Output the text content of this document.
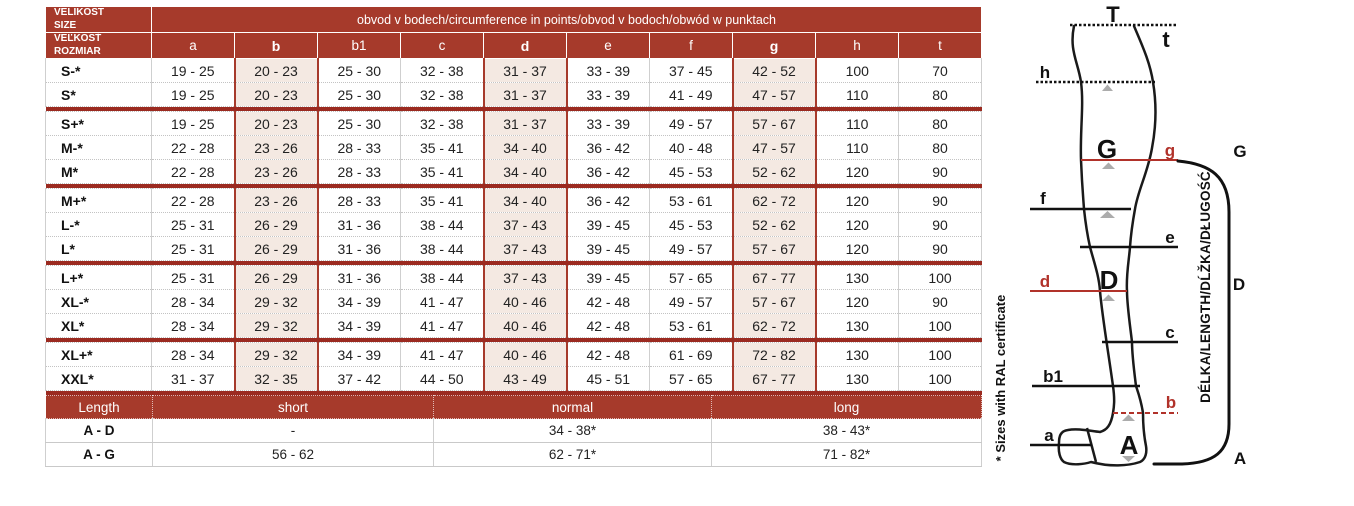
VELIKOST
SIZE	obvod v bodech/circumference in points/obvod v bodoch/obwód w punktach									

VEĽKOSŤ
ROZMIAR	a	b	b1	c	d	e	f	g	h	t
S-*	19 - 25	20 - 23	25 - 30	32 - 38	31 - 37	33 - 39	37 - 45	42 - 52	100	70
S*	19 - 25	20 - 23	25 - 30	32 - 38	31 - 37	33 - 39	41 - 49	47 - 57	110	80

S+*	19 - 25	20 - 23	25 - 30	32 - 38	31 - 37	33 - 39	49 - 57	57 - 67	110	80
M-*	22 - 28	23 - 26	28 - 33	35 - 41	34 - 40	36 - 42	40 - 48	47 - 57	110	80
M*	22 - 28	23 - 26	28 - 33	35 - 41	34 - 40	36 - 42	45 - 53	52 - 62	120	90

M+*	22 - 28	23 - 26	28 - 33	35 - 41	34 - 40	36 - 42	53 - 61	62 - 72	120	90
L-*	25 - 31	26 - 29	31 - 36	38 - 44	37 - 43	39 - 45	45 - 53	52 - 62	120	90
L*	25 - 31	26 - 29	31 - 36	38 - 44	37 - 43	39 - 45	49 - 57	57 - 67	120	90

L+*	25 - 31	26 - 29	31 - 36	38 - 44	37 - 43	39 - 45	57 - 65	67 - 77	130	100
XL-*	28 - 34	29 - 32	34 - 39	41 - 47	40 - 46	42 - 48	49 - 57	57 - 67	120	90
XL*	28 - 34	29 - 32	34 - 39	41 - 47	40 - 46	42 - 48	53 - 61	62 - 72	130	100

XL+*	28 - 34	29 - 32	34 - 39	41 - 47	40 - 46	42 - 48	61 - 69	72 - 82	130	100
XXL*	31 - 37	32 - 35	37 - 42	44 - 50	43 - 49	45 - 51	57 - 65	67 - 77	130	100

Length	short	normal	long
A - D	-	34 - 38*	38 - 43*
A - G	56 - 62	62 - 71*	71 - 82*	* Sizes with RAL certificate
T
t
h
G	g	G
f
e
d D	D
c
b1
b
a	A	A
DÉLKA/LENGTH/DĹŽKA/DŁUGOŚĆ
